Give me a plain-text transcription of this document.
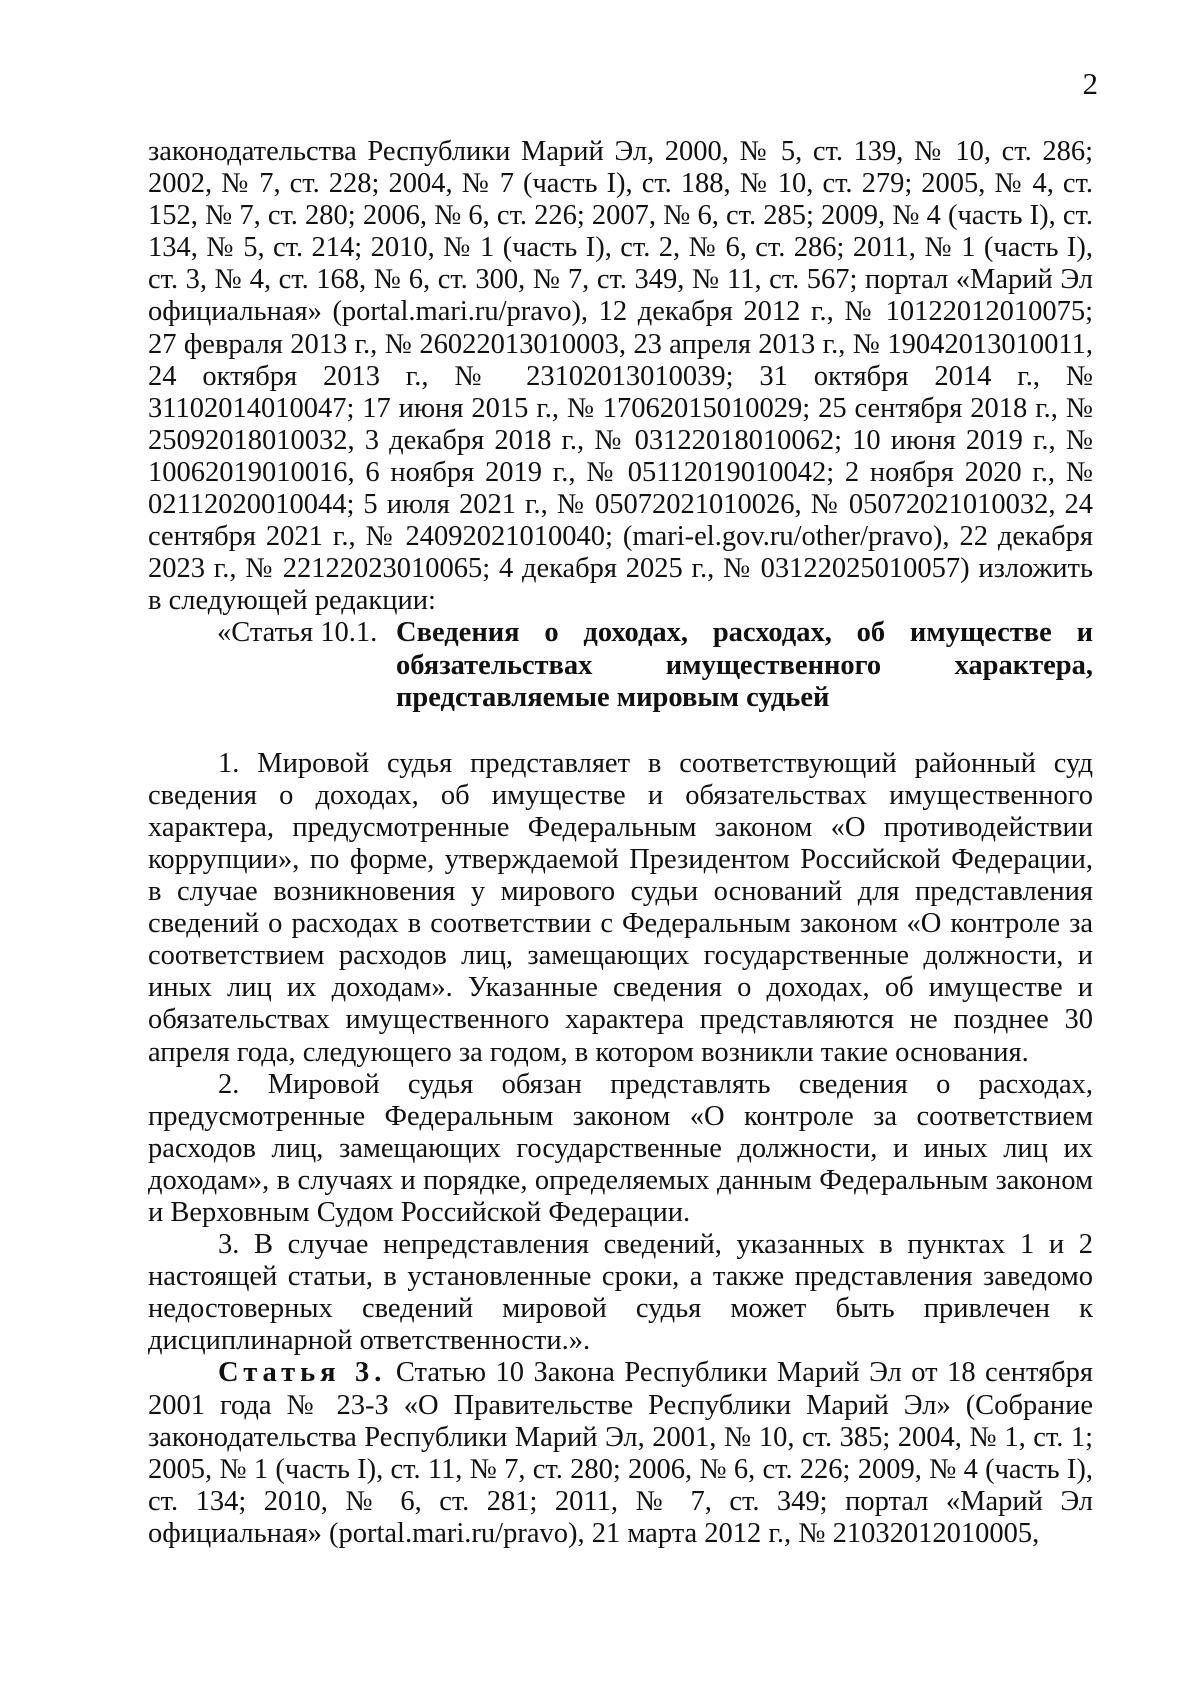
2

законодательства Республики Марий Эл, 2000, № 5, ст. 139, № 10, ст. 286; 2002, № 7, ст. 228; 2004, № 7 (часть I), ст. 188, № 10, ст. 279; 2005, № 4, ст. 152, № 7, ст. 280; 2006, № 6, ст. 226; 2007, № 6, ст. 285; 2009, № 4 (часть I), ст. 134, № 5, ст. 214; 2010, № 1 (часть I), ст. 2, № 6, ст. 286; 2011, № 1 (часть I), ст. 3, № 4, ст. 168, № 6, ст. 300, № 7, ст. 349, № 11, ст. 567; портал «Марий Эл официальная» (portal.mari.ru/pravo), 12 декабря 2012 г., № 10122012010075; 27 февраля 2013 г., № 26022013010003, 23 апреля 2013 г., № 19042013010011, 24 октября 2013 г., № 23102013010039; 31 октября 2014 г., № 31102014010047; 17 июня 2015 г., № 17062015010029; 25 сентября 2018 г., № 25092018010032, 3 декабря 2018 г., № 03122018010062; 10 июня 2019 г., № 10062019010016, 6 ноября 2019 г., № 05112019010042; 2 ноября 2020 г., № 02112020010044; 5 июля 2021 г., № 05072021010026, № 05072021010032, 24 сентября 2021 г., № 24092021010040; (mari-el.gov.ru/other/pravo), 22 декабря 2023 г., № 22122023010065; 4 декабря 2025 г., № 03122025010057) изложить в следующей редакции:

«Статья 10.1. Сведения о доходах, расходах, об имуществе и обязательствах имущественного характера, представляемые мировым судьей

1. Мировой судья представляет в соответствующий районный суд сведения о доходах, об имуществе и обязательствах имущественного характера, предусмотренные Федеральным законом «О противодействии коррупции», по форме, утверждаемой Президентом Российской Федерации, в случае возникновения у мирового судьи оснований для представления сведений о расходах в соответствии с Федеральным законом «О контроле за соответствием расходов лиц, замещающих государственные должности, и иных лиц их доходам». Указанные сведения о доходах, об имуществе и обязательствах имущественного характера представляются не позднее 30 апреля года, следующего за годом, в котором возникли такие основания.

2. Мировой судья обязан представлять сведения о расходах, предусмотренные Федеральным законом «О контроле за соответствием расходов лиц, замещающих государственные должности, и иных лиц их доходам», в случаях и порядке, определяемых данным Федеральным законом и Верховным Судом Российской Федерации.

3. В случае непредставления сведений, указанных в пунктах 1 и 2 настоящей статьи, в установленные сроки, а также представления заведомо недостоверных сведений мировой судья может быть привлечен к дисциплинарной ответственности.».

Статья 3. Статью 10 Закона Республики Марий Эл от 18 сентября 2001 года № 23-З «О Правительстве Республики Марий Эл» (Собрание законодательства Республики Марий Эл, 2001, № 10, ст. 385; 2004, № 1, ст. 1; 2005, № 1 (часть I), ст. 11, № 7, ст. 280; 2006, № 6, ст. 226; 2009, № 4 (часть I), ст. 134; 2010, № 6, ст. 281; 2011, № 7, ст. 349; портал «Марий Эл официальная» (portal.mari.ru/pravo), 21 марта 2012 г., № 21032012010005,
